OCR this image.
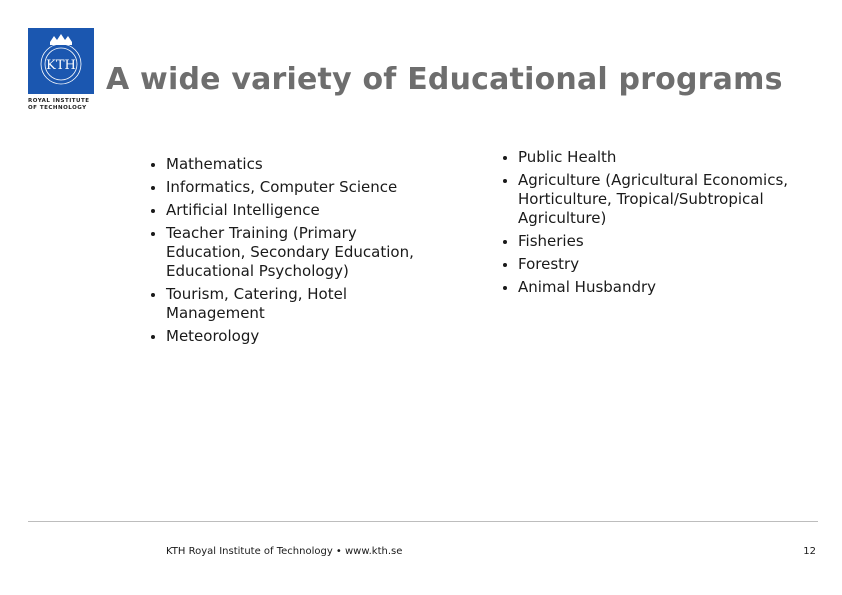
KTH
ROYAL INSTITUTE
OF TECHNOLOGY
A wide variety of Educational programs
Mathematics
Informatics, Computer Science
Artificial Intelligence
Teacher Training (Primary Education, Secondary Education, Educational Psychology)
Tourism, Catering, Hotel Management
Meteorology
Public Health
Agriculture (Agricultural Economics, Horticulture, Tropical/Subtropical Agriculture)
Fisheries
Forestry
Animal Husbandry
KTH Royal Institute of Technology • www.kth.se	12
